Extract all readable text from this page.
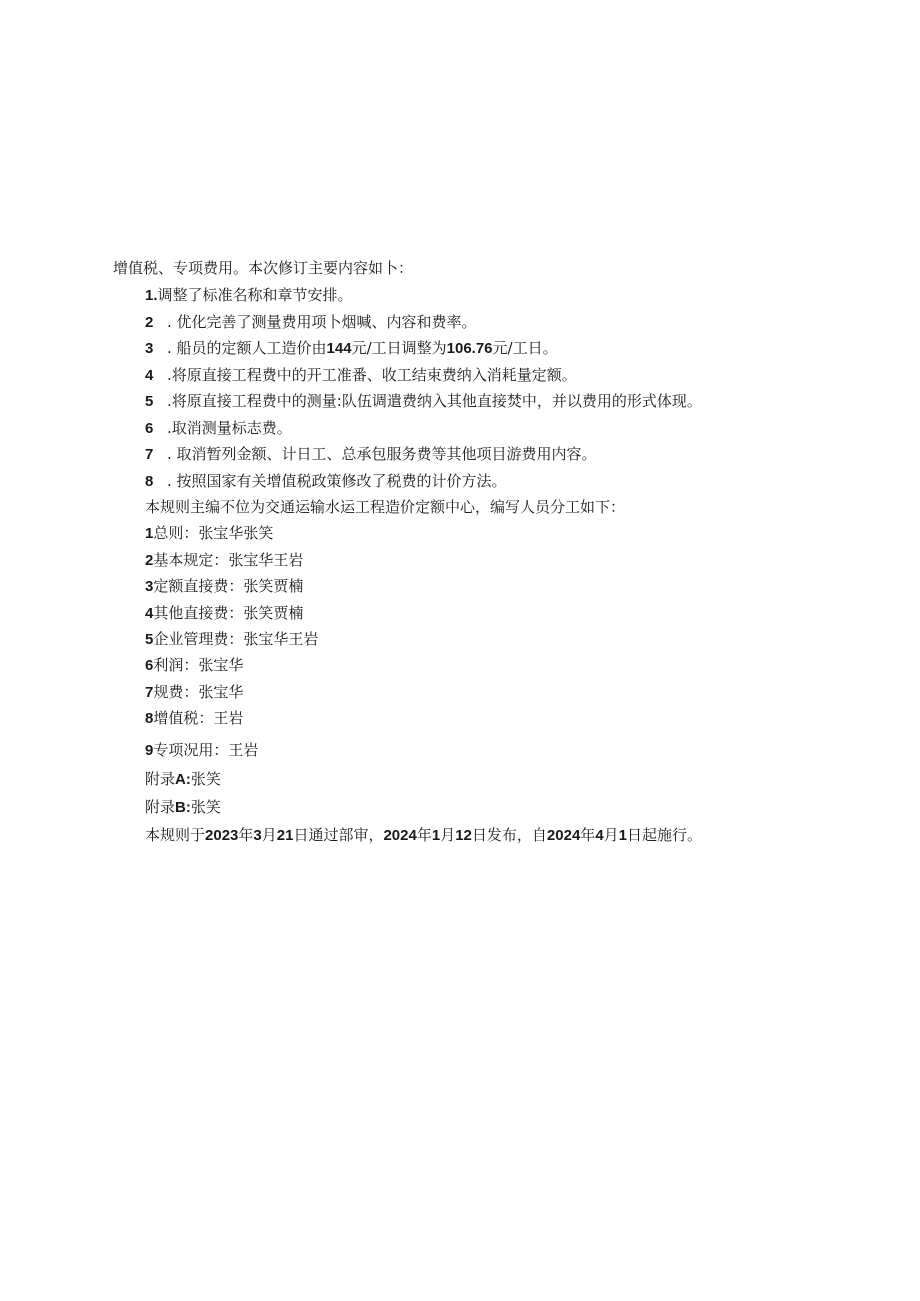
增值税、专项费用。本次修订主要内容如卜：
1.调整了标准名称和章节安排。
2 . 优化完善了测量费用项卜烟喊、内容和费率。
3 . 船员的定额人工造价由144元/工日调整为106.76元/工日。
4 .将原直接工程费中的开工准番、收工结束费纳入消耗量定额。
5 .将原直接工程费中的测量:队伍调遣费纳入其他直接焚中，并以费用的形式体现。
6 .取消测量标志费。
7 . 取消暂列金额、计日工、总承包服务费等其他项目游费用内容。
8 . 按照国家有关增值税政策修改了税费的计价方法。
本规则主编不位为交通运输水运工程造价定额中心，编写人员分工如下：
1总则：张宝华张笑
2基本规定：张宝华王岩
3定额直接费：张笑贾楠
4其他直接费：张笑贾楠
5企业管理费：张宝华王岩
6利润：张宝华
7规费：张宝华
8增值税：王岩
9专项况用：王岩
附录A:张笑
附录B:张笑
本规则于2023年3月21日通过部审，2024年1月12日发布，自2024年4月1日起施行。
